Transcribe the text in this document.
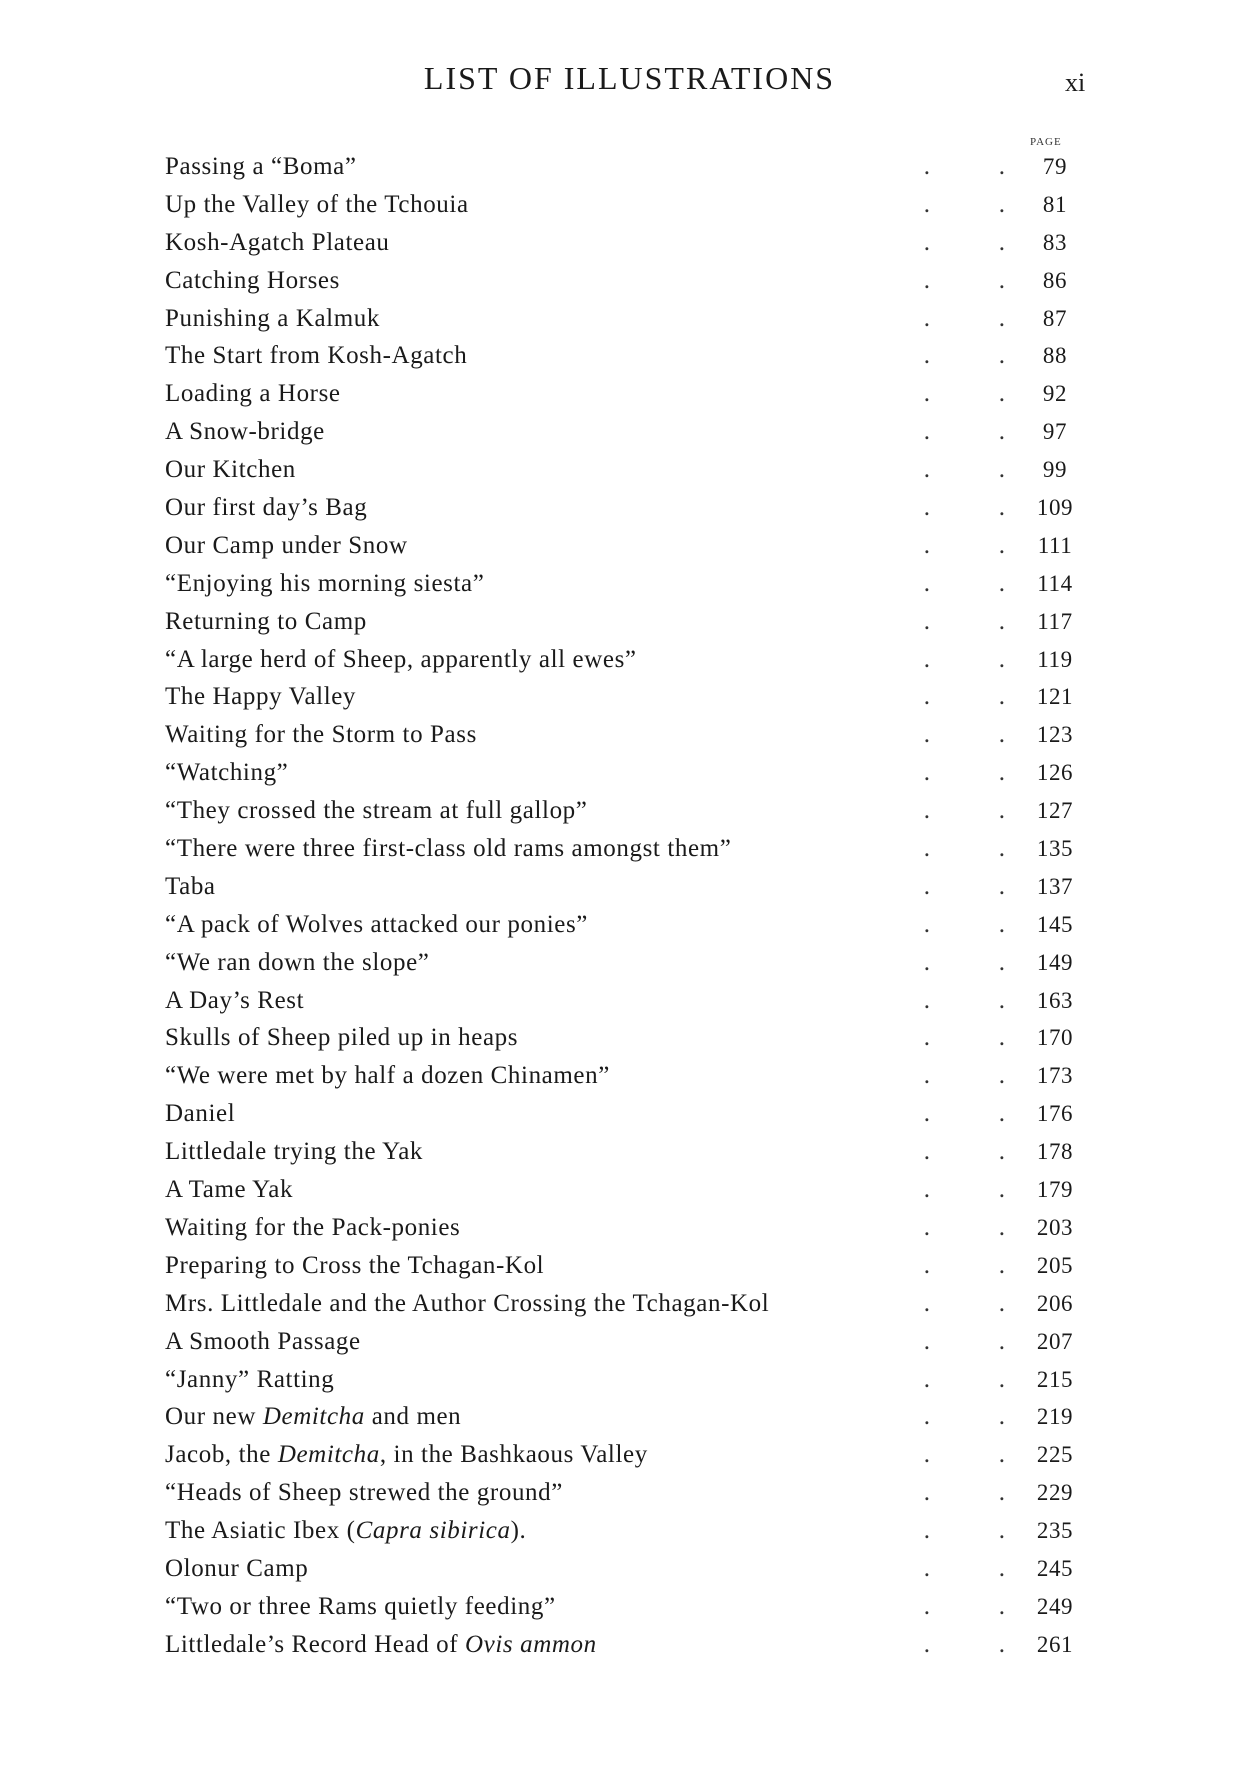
LIST OF ILLUSTRATIONS	xi
PAGE
.           .
Passing a “Boma”	79
.           .
Up the Valley of the Tchouia	81
.           .
Kosh-Agatch Plateau	83
.           .
Catching Horses	86
.           .
Punishing a Kalmuk	87
.           .
The Start from Kosh-Agatch	88
.           .
Loading a Horse	92
.           .
A Snow-bridge	97
.           .
Our Kitchen	99
.           .
Our first day’s Bag	109
.           .
Our Camp under Snow	111
.           .
“Enjoying his morning siesta”	114
.           .
Returning to Camp	117
.           .
“A large herd of Sheep, apparently all ewes”	119
.           .
The Happy Valley	121
.           .
Waiting for the Storm to Pass	123
.           .
“Watching”	126
.           .
“They crossed the stream at full gallop”	127
.           .
“There were three first-class old rams amongst them”	135
.           .
Taba	137
.           .
“A pack of Wolves attacked our ponies”	145
.           .
“We ran down the slope”	149
.           .
A Day’s Rest	163
.           .
Skulls of Sheep piled up in heaps	170
.           .
“We were met by half a dozen Chinamen”	173
.           .
Daniel	176
.           .
Littledale trying the Yak	178
.           .
A Tame Yak	179
.           .
Waiting for the Pack-ponies	203
.           .
Preparing to Cross the Tchagan-Kol	205
.           .
Mrs. Littledale and the Author Crossing the Tchagan-Kol	206
.           .
A Smooth Passage	207
.           .
“Janny” Ratting	215
.           .
Our new Demitcha and men	219
.           .
Jacob, the Demitcha, in the Bashkaous Valley	225
.           .
“Heads of Sheep strewed the ground”	229
.           .
The Asiatic Ibex (Capra sibirica).	235
.           .
Olonur Camp	245
.           .
“Two or three Rams quietly feeding”	249
.           .
Littledale’s Record Head of Ovis ammon	261
